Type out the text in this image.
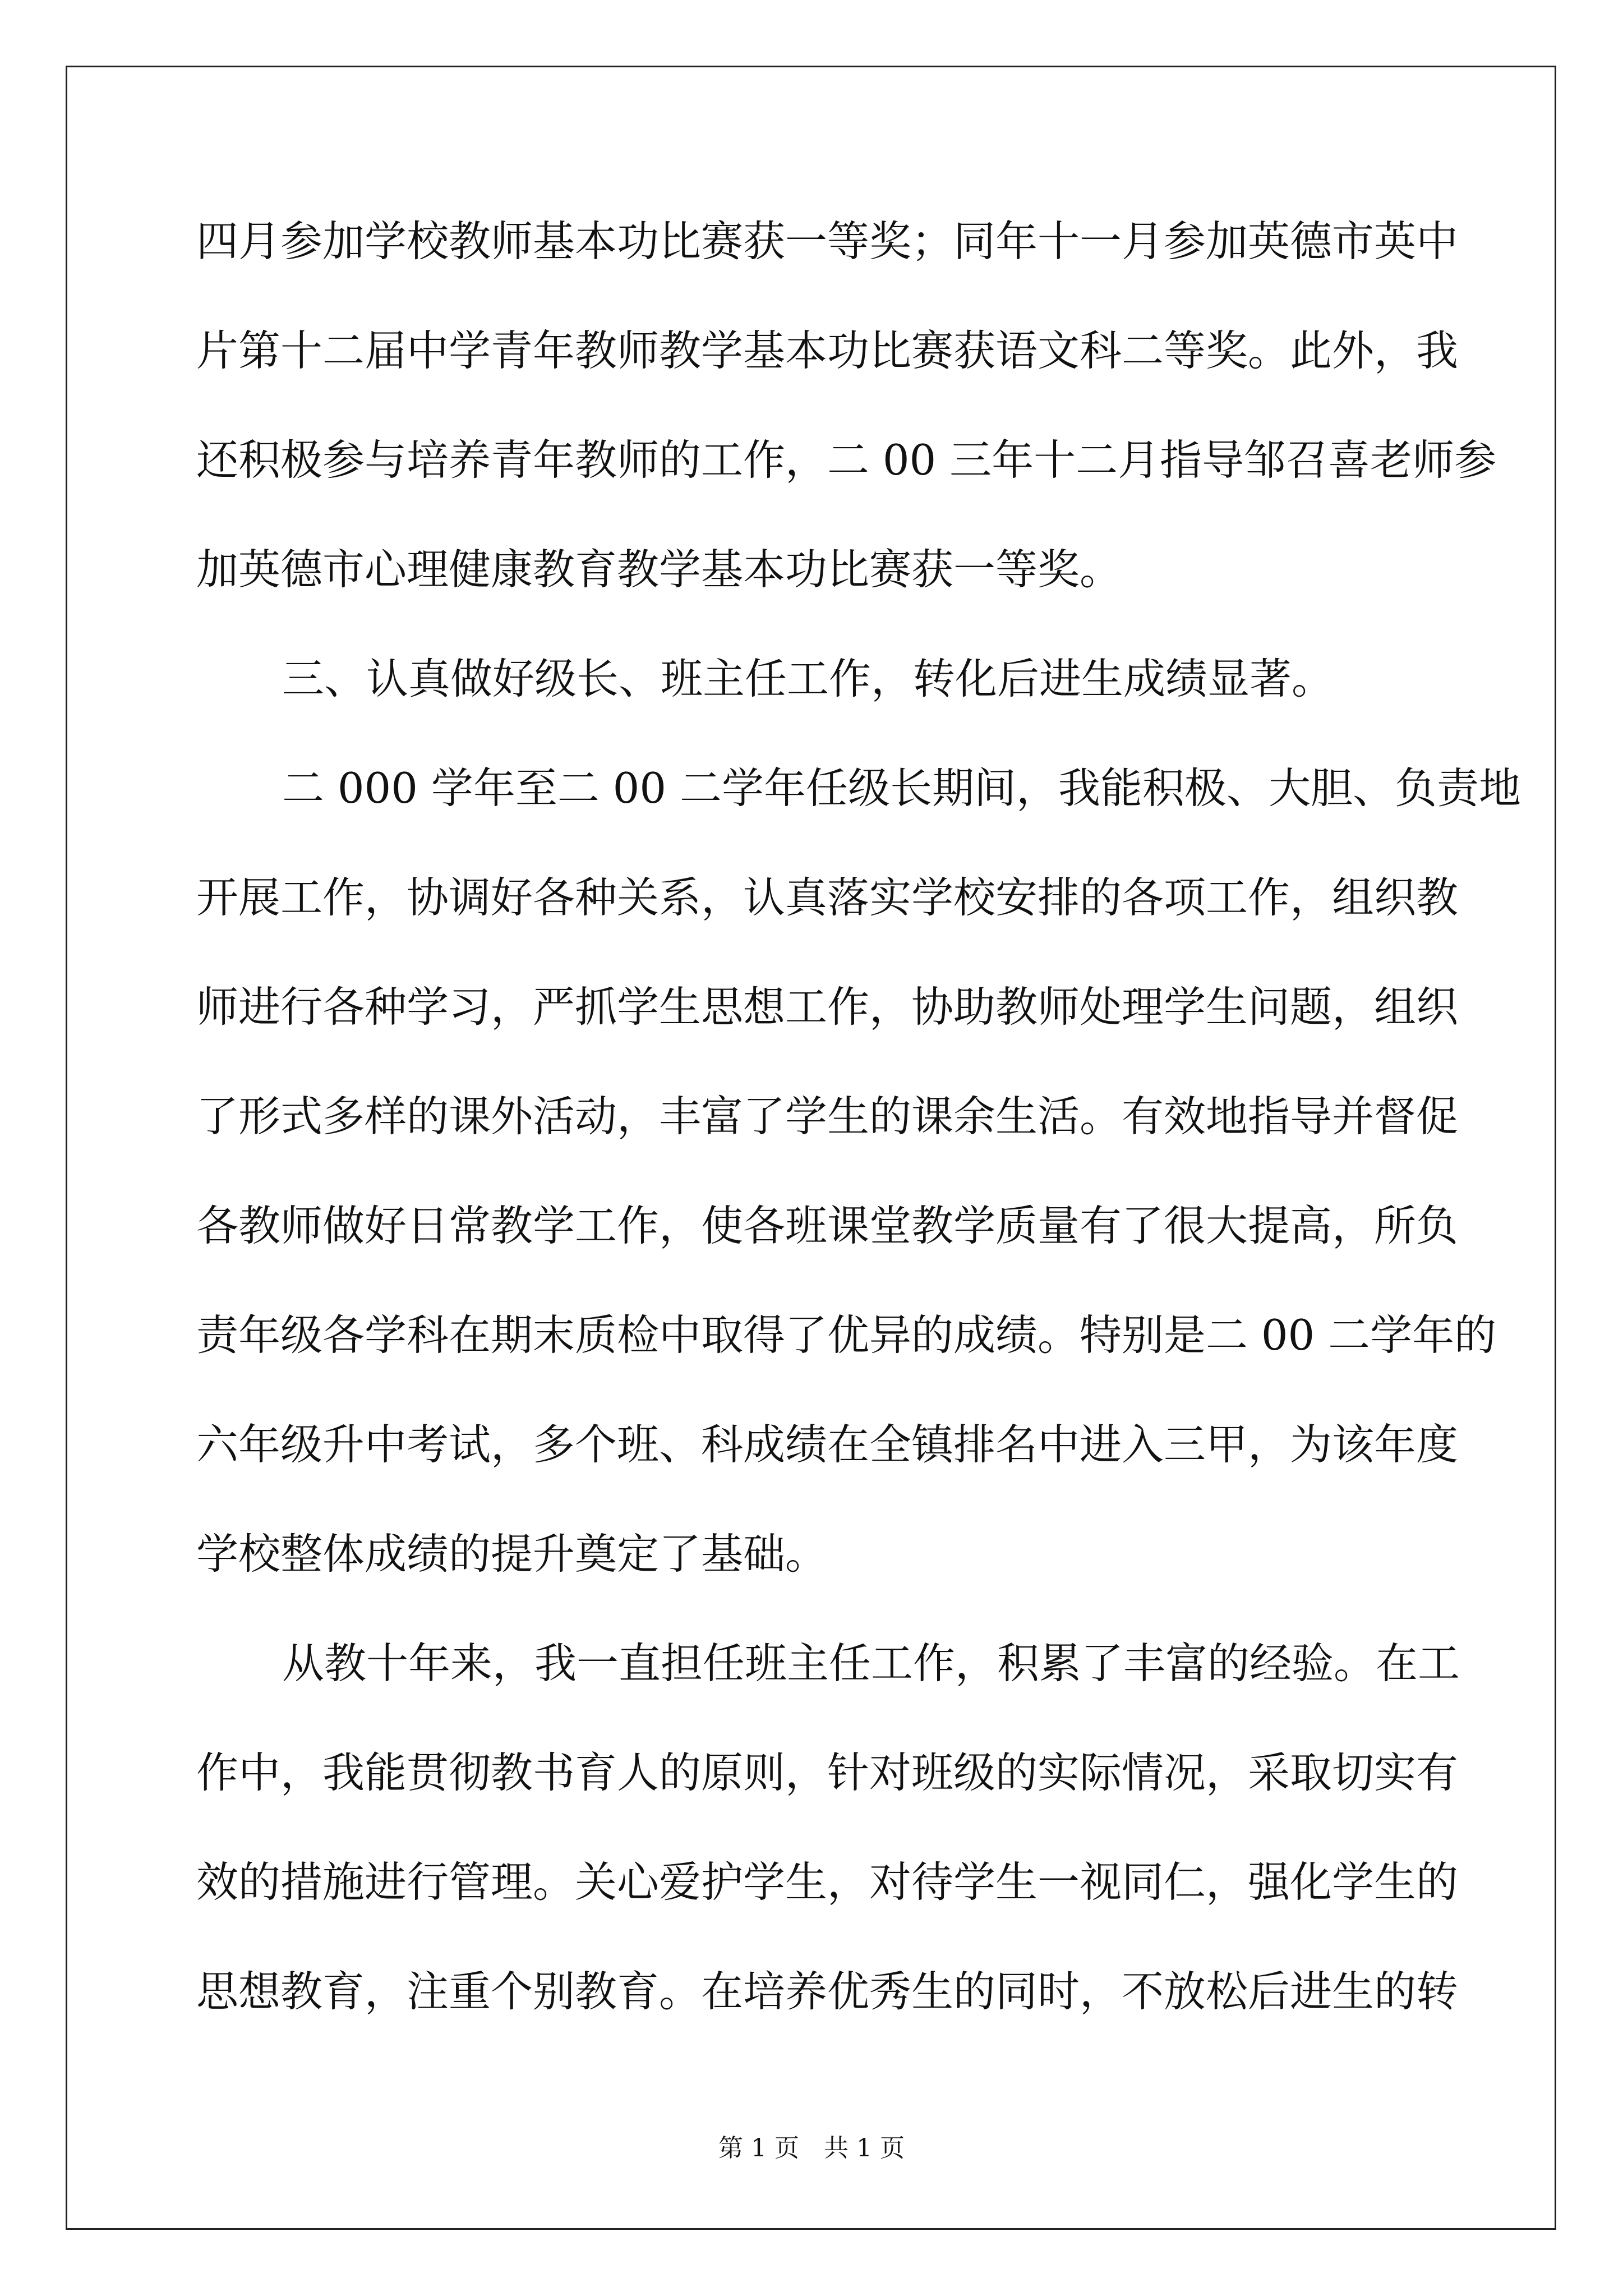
四月参加学校教师基本功比赛获一等奖；同年十一月参加英德市英中
片第十二届中学青年教师教学基本功比赛获语文科二等奖。此外，我
还积极参与培养青年教师的工作，二 00 三年十二月指导邹召喜老师参
加英德市心理健康教育教学基本功比赛获一等奖。
三、认真做好级长、班主任工作，转化后进生成绩显著。
二 000 学年至二 00 二学年任级长期间，我能积极、大胆、负责地
开展工作，协调好各种关系，认真落实学校安排的各项工作，组织教
师进行各种学习，严抓学生思想工作，协助教师处理学生问题，组织
了形式多样的课外活动，丰富了学生的课余生活。有效地指导并督促
各教师做好日常教学工作，使各班课堂教学质量有了很大提高，所负
责年级各学科在期末质检中取得了优异的成绩。特别是二 00 二学年的
六年级升中考试，多个班、科成绩在全镇排名中进入三甲，为该年度
学校整体成绩的提升奠定了基础。
从教十年来，我一直担任班主任工作，积累了丰富的经验。在工
作中，我能贯彻教书育人的原则，针对班级的实际情况，采取切实有
效的措施进行管理。关心爱护学生，对待学生一视同仁，强化学生的
思想教育，注重个别教育。在培养优秀生的同时，不放松后进生的转
第 1 页　共 1 页
